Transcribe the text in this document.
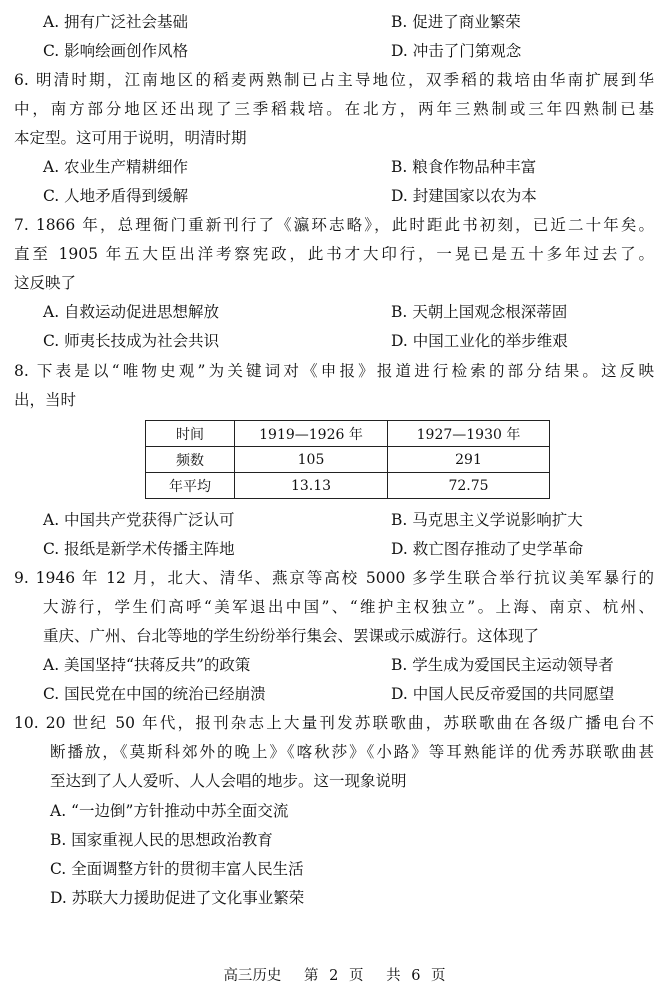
A. 拥有广泛社会基础	B. 促进了商业繁荣
C. 影响绘画创作风格	D. 冲击了门第观念
6. 明清时期，江南地区的稻麦两熟制已占主导地位，双季稻的栽培由华南扩展到华
中，南方部分地区还出现了三季稻栽培。在北方，两年三熟制或三年四熟制已基
本定型。这可用于说明，明清时期
A. 农业生产精耕细作	B. 粮食作物品种丰富
C. 人地矛盾得到缓解	D. 封建国家以农为本
7. 1866 年，总理衙门重新刊行了《瀛环志略》，此时距此书初刻，已近二十年矣。
直至 1905 年五大臣出洋考察宪政，此书才大印行，一晃已是五十多年过去了。
这反映了
A. 自救运动促进思想解放	B. 天朝上国观念根深蒂固
C. 师夷长技成为社会共识	D. 中国工业化的举步维艰
8. 下表是以“唯物史观”为关键词对《申报》报道进行检索的部分结果。这反映
出，当时
时间	1919—1926 年	1927—1930 年
频数	105	291
年平均	13.13	72.75
A. 中国共产党获得广泛认可	B. 马克思主义学说影响扩大
C. 报纸是新学术传播主阵地	D. 救亡图存推动了史学革命
9. 1946 年 12 月，北大、清华、燕京等高校 5000 多学生联合举行抗议美军暴行的
大游行，学生们高呼“美军退出中国”、“维护主权独立”。上海、南京、杭州、
重庆、广州、台北等地的学生纷纷举行集会、罢课或示威游行。这体现了
A. 美国坚持“扶蒋反共”的政策	B. 学生成为爱国民主运动领导者
C. 国民党在中国的统治已经崩溃	D. 中国人民反帝爱国的共同愿望
10. 20 世纪 50 年代，报刊杂志上大量刊发苏联歌曲，苏联歌曲在各级广播电台不
断播放，《莫斯科郊外的晚上》《喀秋莎》《小路》等耳熟能详的优秀苏联歌曲甚
至达到了人人爱听、人人会唱的地步。这一现象说明
A. “一边倒”方针推动中苏全面交流
B. 国家重视人民的思想政治教育
C. 全面调整方针的贯彻丰富人民生活
D. 苏联大力援助促进了文化事业繁荣
高三历史 第 2 页 共 6 页
